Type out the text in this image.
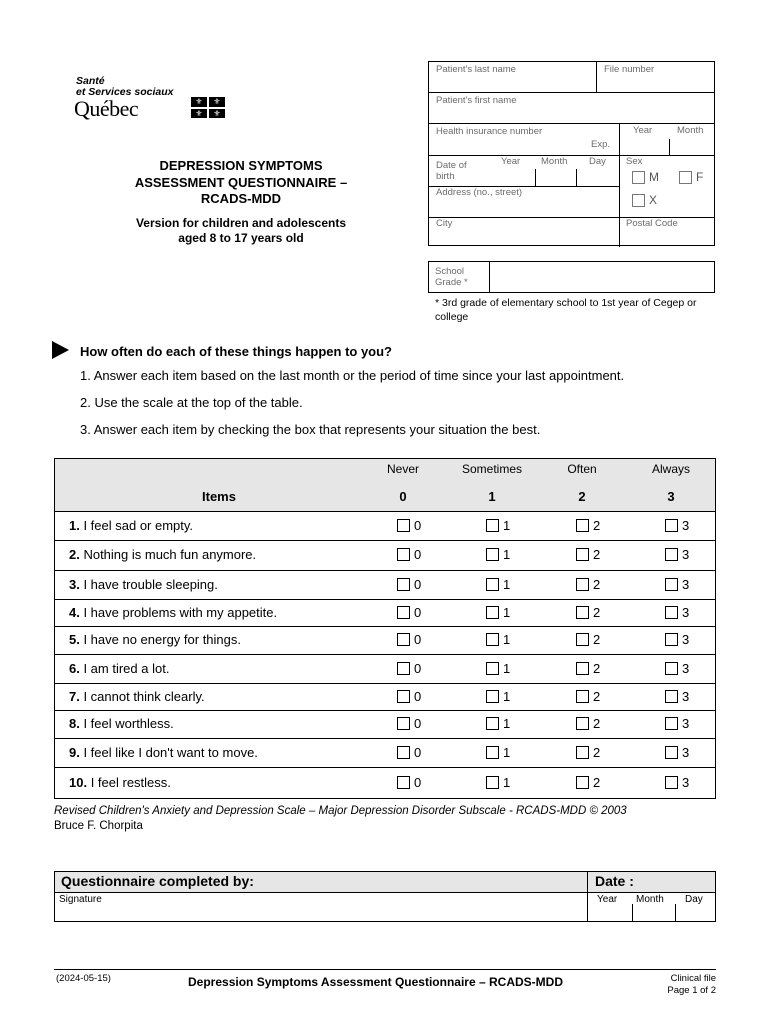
Santé
et Services sociaux
Québec	⚜	⚜
⚜	⚜
DEPRESSION SYMPTOMS
ASSESSMENT QUESTIONNAIRE –
RCADS-MDD
Version for children and adolescents
aged 8 to 17 years old
Patient's last name	File number
Patient's first name
Health insurance number
Exp.
Year	Month
Date of birth
Year Month Day Sex
M	F
X
Address (no., street)
City	Postal Code
School
Grade *
* 3rd grade of elementary school to 1st year of Cegep or college
How often do each of these things happen to you?
1. Answer each item based on the last month or the period of time since your last appointment.
2. Use the scale at the top of the table.
3. Answer each item by checking the box that represents your situation the best.
Never	Sometimes	Often	Always
Items	0	1	2	3
1. I feel sad or empty.	0	1	2	3
2. Nothing is much fun anymore.	0	1	2	3
3. I have trouble sleeping.	0	1	2	3
4. I have problems with my appetite.	0	1	2	3
5. I have no energy for things.	0	1	2	3
6. I am tired a lot.	0	1	2	3
7. I cannot think clearly.	0	1	2	3
8. I feel worthless.	0	1	2	3
9. I feel like I don't want to move.	0	1	2	3
10. I feel restless.	0	1	2	3
Revised Children's Anxiety and Depression Scale – Major Depression Disorder Subscale - RCADS-MDD © 2003
Bruce F. Chorpita
Questionnaire completed by:
Signature
Date :
Year Month Day
(2024-05-15)	Depression Symptoms Assessment Questionnaire – RCADS-MDD	Clinical file
Page 1 of 2
